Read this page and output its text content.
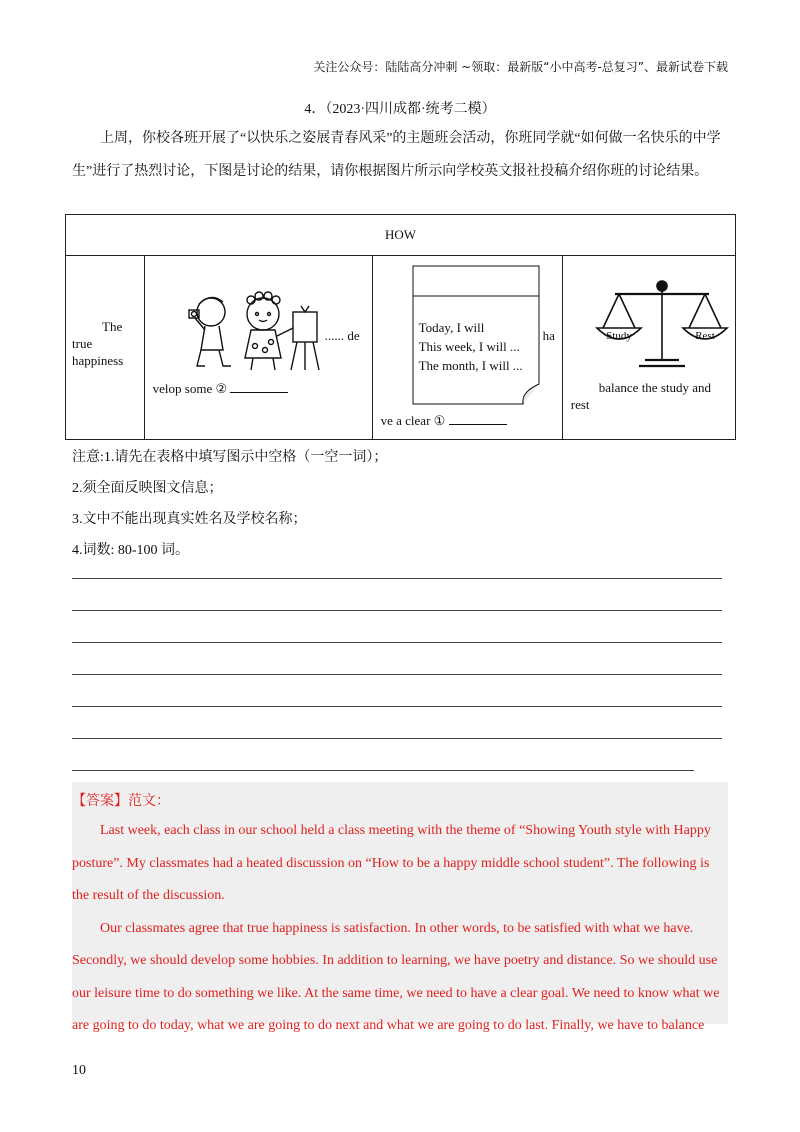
关注公众号：陆陆高分冲刺 ~领取：最新版“小中高考-总复习”、最新试卷下载
4．（2023·四川成都·统考二模）

上周，你校各班开展了“以快乐之姿展青春风采”的主题班会活动，你班同学就“如何做一名快乐的中学生”进行了热烈讨论，下图是讨论的结果，请你根据图片所示向学校英文报社投稿介绍你班的讨论结果。

HOW

The
true happiness

...... de
velop some ②

Today, I will
This week, I will ...
The month, I will ...
ha
ve a clear ①

Study	Rest
balance the study and
rest
注意:1.请先在表格中填写图示中空格（一空一词）；
2.须全面反映图文信息；
3.文中不能出现真实姓名及学校名称；
4.词数: 80-100 词。
【答案】范文：

Last week, each class in our school held a class meeting with the theme of “Showing Youth style with Happy posture”. My classmates had a heated discussion on “How to be a happy middle school student”. The following is the result of the discussion.

Our classmates agree that true happiness is satisfaction. In other words, to be satisfied with what we have. Secondly, we should develop some hobbies. In addition to learning, we have poetry and distance. So we should use our leisure time to do something we like. At the same time, we need to have a clear goal. We need to know what we are going to do today, what we are going to do next and what we are going to do last. Finally, we have to balance

10
